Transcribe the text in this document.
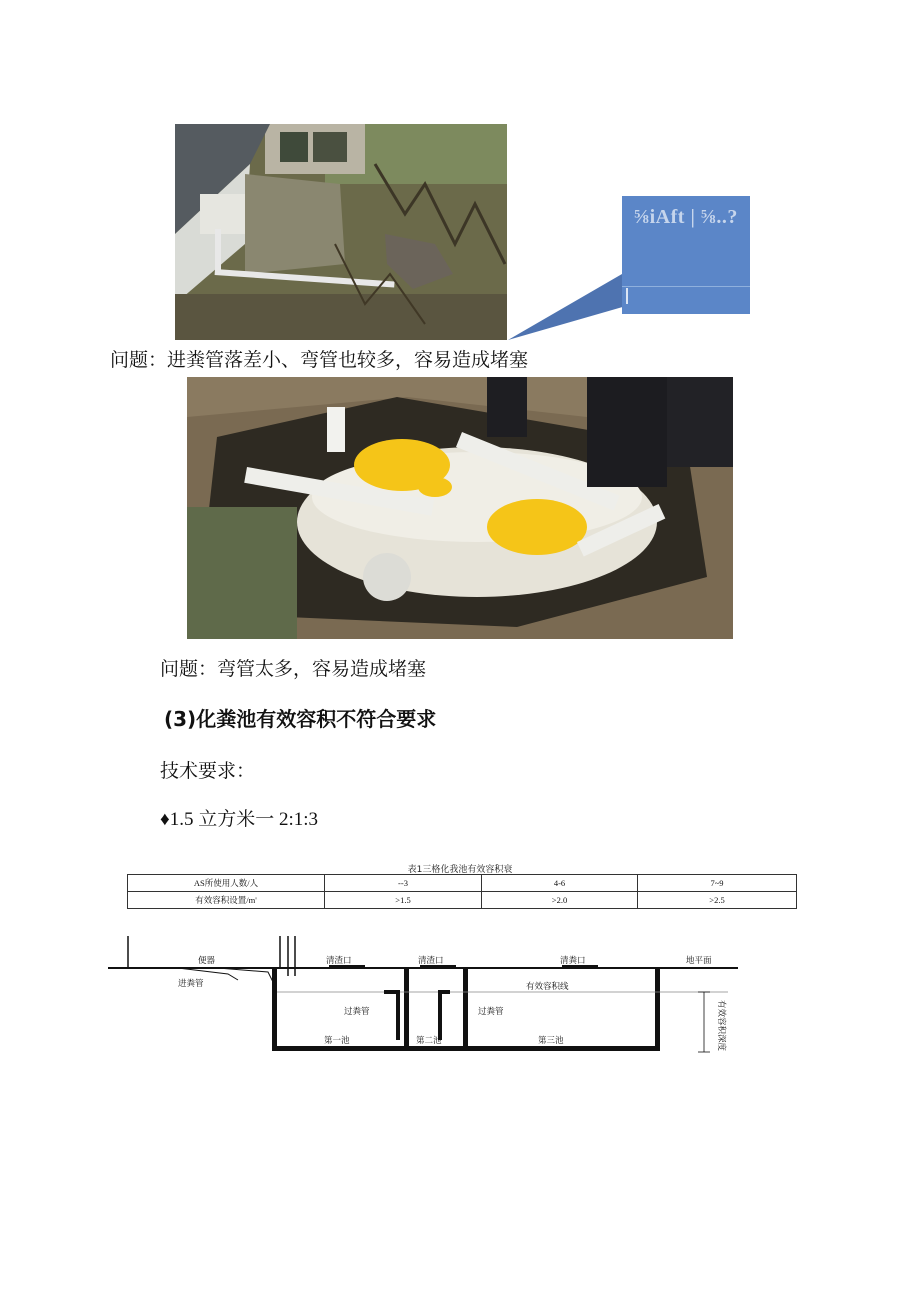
⅝iAft | ⅝..?
问题：进粪管落差小、弯管也较多，容易造成堵塞
问题：弯管太多，容易造成堵塞
(3)化粪池有效容积不符合要求
技术要求：
♦1.5 立方米一 2:1:3
表1三格化我池有效容积衰
AS所使用人数/人	--3	4-6	7~9
有效容积设置/m'	>1.5	>2.0	>2.5
便器
进粪管
清渣口	清渣口	清粪口	地平面
有效容积线
过粪管	过粪管
第一池	第二池	第三池	有效容积深度
